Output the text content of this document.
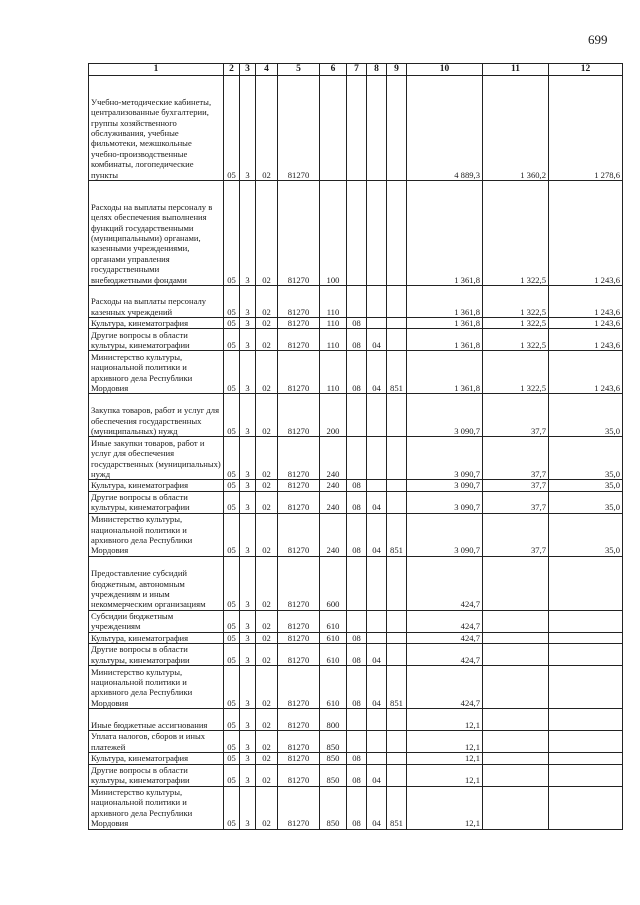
699
1	2	3	4	5	6	7	8	9	10	11	12
Учебно-методические кабинеты, централизованные бухгалтерии, группы хозяйственного обслуживания, учебные фильмотеки, межшкольные учебно-производственные комбинаты, логопедические пункты	05	3	02	81270					4 889,3	1 360,2	1 278,6
Расходы на выплаты персоналу в целях обеспечения выполнения функций государственными (муниципальными) органами, казенными учреждениями, органами управления государственными внебюджетными фондами	05	3	02	81270	100				1 361,8	1 322,5	1 243,6
Расходы на выплаты персоналу казенных учреждений	05	3	02	81270	110				1 361,8	1 322,5	1 243,6
Культура, кинематография	05	3	02	81270	110	08			1 361,8	1 322,5	1 243,6
Другие вопросы в области культуры, кинематографии	05	3	02	81270	110	08	04		1 361,8	1 322,5	1 243,6
Министерство культуры, национальной политики и архивного дела Республики Мордовия	05	3	02	81270	110	08	04	851	1 361,8	1 322,5	1 243,6
Закупка товаров, работ и услуг для обеспечения государственных (муниципальных) нужд	05	3	02	81270	200				3 090,7	37,7	35,0
Иные закупки товаров, работ и услуг для обеспечения государственных (муниципальных) нужд	05	3	02	81270	240				3 090,7	37,7	35,0
Культура, кинематография	05	3	02	81270	240	08			3 090,7	37,7	35,0
Другие вопросы в области культуры, кинематографии	05	3	02	81270	240	08	04		3 090,7	37,7	35,0
Министерство культуры, национальной политики и архивного дела Республики Мордовия	05	3	02	81270	240	08	04	851	3 090,7	37,7	35,0
Предоставление субсидий бюджетным, автономным учреждениям и иным некоммерческим организациям	05	3	02	81270	600				424,7		
Субсидии бюджетным учреждениям	05	3	02	81270	610				424,7		
Культура, кинематография	05	3	02	81270	610	08			424,7		
Другие вопросы в области культуры, кинематографии	05	3	02	81270	610	08	04		424,7		
Министерство культуры, национальной политики и архивного дела Республики Мордовия	05	3	02	81270	610	08	04	851	424,7		
Иные бюджетные ассигнования	05	3	02	81270	800				12,1		
Уплата налогов, сборов и иных платежей	05	3	02	81270	850				12,1		
Культура, кинематография	05	3	02	81270	850	08			12,1		
Другие вопросы в области культуры, кинематографии	05	3	02	81270	850	08	04		12,1		
Министерство культуры, национальной политики и архивного дела Республики Мордовия	05	3	02	81270	850	08	04	851	12,1		
